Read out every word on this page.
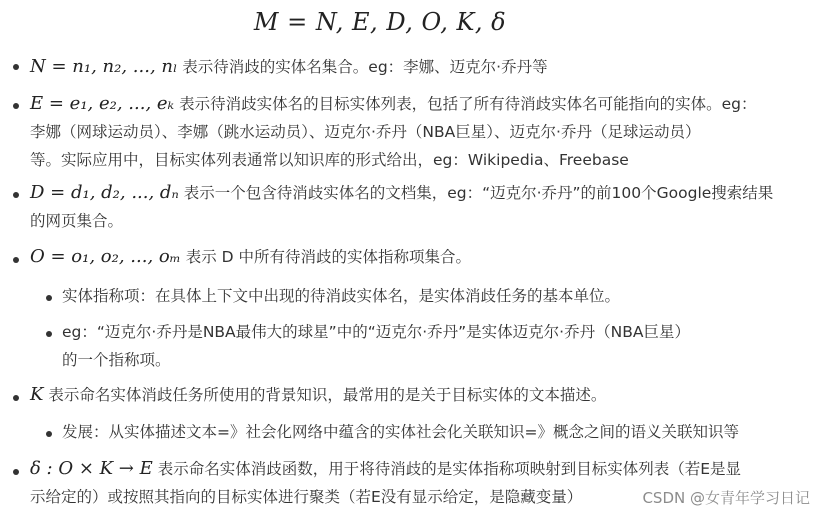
M = N, E, D, O, K, δ
N = n₁, n₂, ..., nₗ 表示待消歧的实体名集合。eg：李娜、迈克尔·乔丹等
E = e₁, e₂, ..., eₖ 表示待消歧实体名的目标实体列表，包括了所有待消歧实体名可能指向的实体。eg：
李娜（网球运动员）、李娜（跳水运动员）、迈克尔·乔丹（NBA巨星）、迈克尔·乔丹（足球运动员）
等。实际应用中，目标实体列表通常以知识库的形式给出，eg：Wikipedia、Freebase
D = d₁, d₂, ..., dₙ 表示一个包含待消歧实体名的文档集，eg：“迈克尔·乔丹”的前100个Google搜索结果
的网页集合。
O = o₁, o₂, ..., oₘ 表示 D 中所有待消歧的实体指称项集合。
实体指称项：在具体上下文中出现的待消歧实体名，是实体消歧任务的基本单位。
eg：“迈克尔·乔丹是NBA最伟大的球星”中的“迈克尔·乔丹”是实体迈克尔·乔丹（NBA巨星）
的一个指称项。
K 表示命名实体消歧任务所使用的背景知识，最常用的是关于目标实体的文本描述。
发展：从实体描述文本=》社会化网络中蕴含的实体社会化关联知识=》概念之间的语义关联知识等
δ : O × K → E 表示命名实体消歧函数，用于将待消歧的是实体指称项映射到目标实体列表（若E是显
示给定的）或按照其指向的目标实体进行聚类（若E没有显示给定，是隐藏变量）	CSDN @女青年学习日记
